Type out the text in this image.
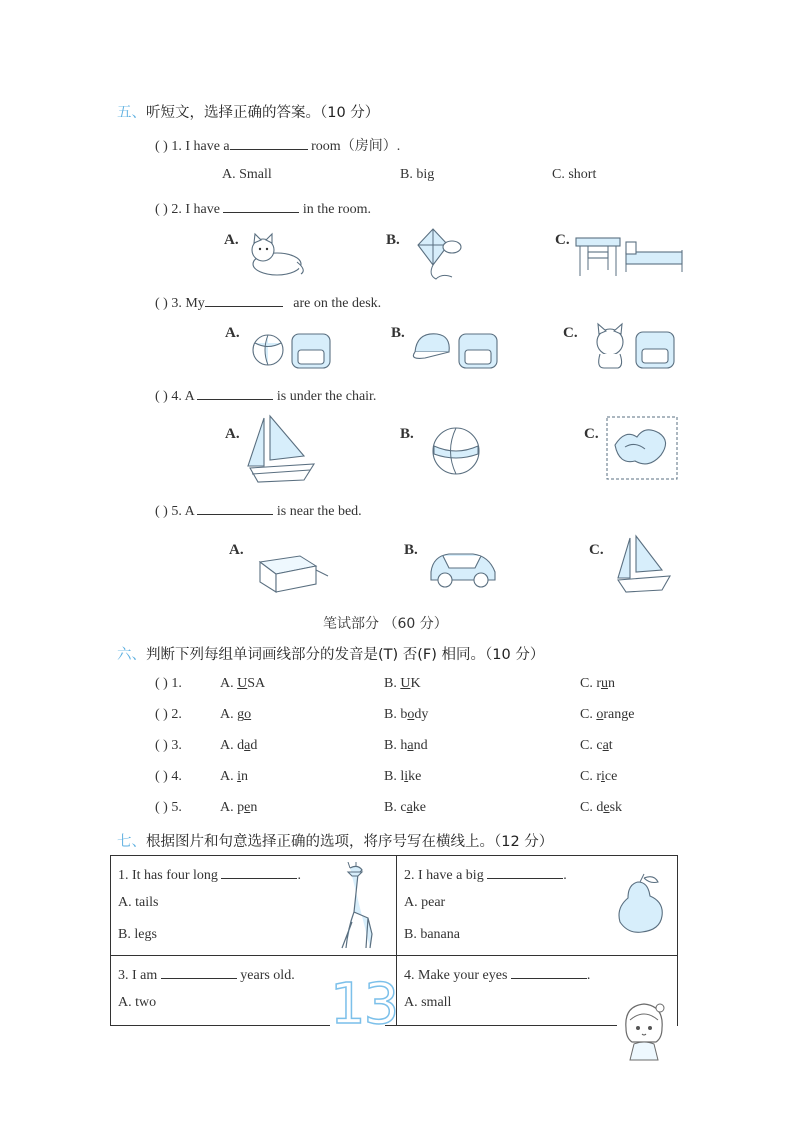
五、听短文，选择正确的答案。（10 分）
( ) 1. I have a	room（房间）.
A. Small	B. big	C. short
( ) 2. I have	in the room.
A.	B.	C.
( ) 3. My	are on the desk.
A.	B.	C.
( ) 4. A	is under the chair.
A.	B.	C.
( ) 5. A	is near the bed.
A.	B.	C.
笔试部分 （60 分）
六、判断下列每组单词画线部分的发音是(T) 否(F) 相同。（10 分）
( ) 1.	A. USA	B. UK	C. run
( ) 2.	A. go	B. body	C. orange
( ) 3.	A. dad	B. hand	C. cat
( ) 4.	A. in	B. like	C. rice
( ) 5.	A. pen	B. cake	C. desk
七、根据图片和句意选择正确的选项，将序号写在横线上。（12 分）
1. It has four long	.
A. tails
B. legs
2. I have a big	.
A. pear
B. banana
3. I am	years old.
A. two
4. Make your eyes	.
A. small
13
